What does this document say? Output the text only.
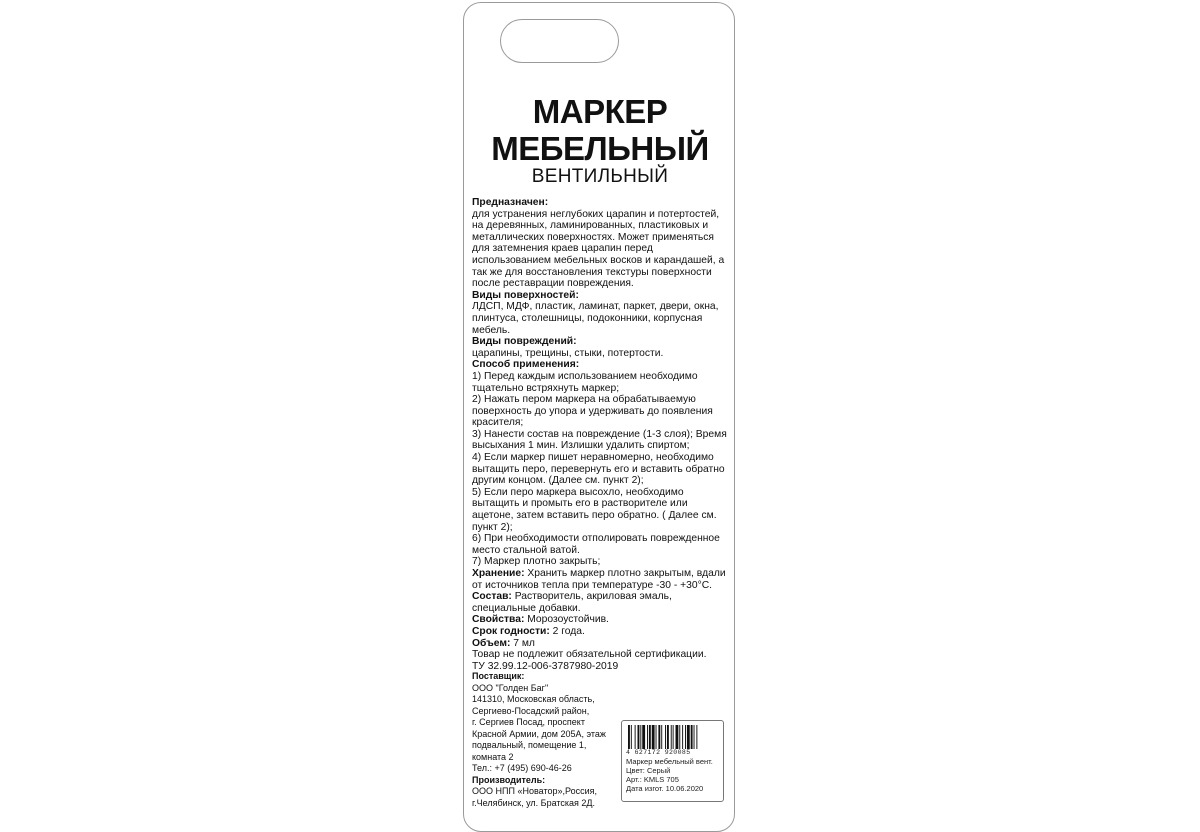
МАРКЕР
МЕБЕЛЬНЫЙ
ВЕНТИЛЬНЫЙ
Предназначен:
для устранения неглубоких царапин и потертостей, на деревянных, ламинированных, пластиковых и металлических поверхностях. Может применяться для затемнения краев царапин перед использованием мебельных восков и карандашей, а так же для восстановления текстуры поверхности после реставрации повреждения.
Виды поверхностей:
ЛДСП, МДФ, пластик, ламинат, паркет, двери, окна, плинтуса, столешницы, подоконники, корпусная мебель.
Виды повреждений:
царапины, трещины, стыки, потертости.
Способ применения:
1) Перед каждым использованием необходимо тщательно встряхнуть маркер;
2) Нажать пером маркера на обрабатываемую поверхность до упора и удерживать до появления красителя;
3) Нанести состав на повреждение (1-3 слоя); Время высыхания 1 мин. Излишки удалить спиртом;
4) Если маркер пишет неравномерно, необходимо вытащить перо, перевернуть его и вставить обратно другим концом. (Далее см. пункт 2);
5) Если перо маркера высохло, необходимо вытащить и промыть его в растворителе или ацетоне, затем вставить перо обратно. ( Далее см. пункт 2);
6) При необходимости отполировать поврежденное место стальной ватой.
7) Маркер плотно закрыть;
Хранение: Хранить маркер плотно закрытым, вдали от источников тепла при температуре -30 - +30°C.
Состав: Растворитель, акриловая эмаль, специальные добавки.
Свойства: Морозоустойчив.
Срок годности: 2 года.
Объем: 7 мл
Товар не подлежит обязательной сертификации.
ТУ 32.99.12-006-3787980-2019
Поставщик:
ООО "Голден Баг"
141310, Московская область,
Сергиево-Посадский район,
г. Сергиев Посад, проспект
Красной Армии, дом 205А, этаж
подвальный, помещение 1,
комната 2
Тел.: +7 (495) 690-46-26
Производитель:
ООО НПП «Новатор»,Россия,
г.Челябинск, ул. Братская 2Д.
4 627172 920085
Маркер мебельный вент.
Цвет: Серый
Арт.: KMLS 705
Дата изгот. 10.06.2020
